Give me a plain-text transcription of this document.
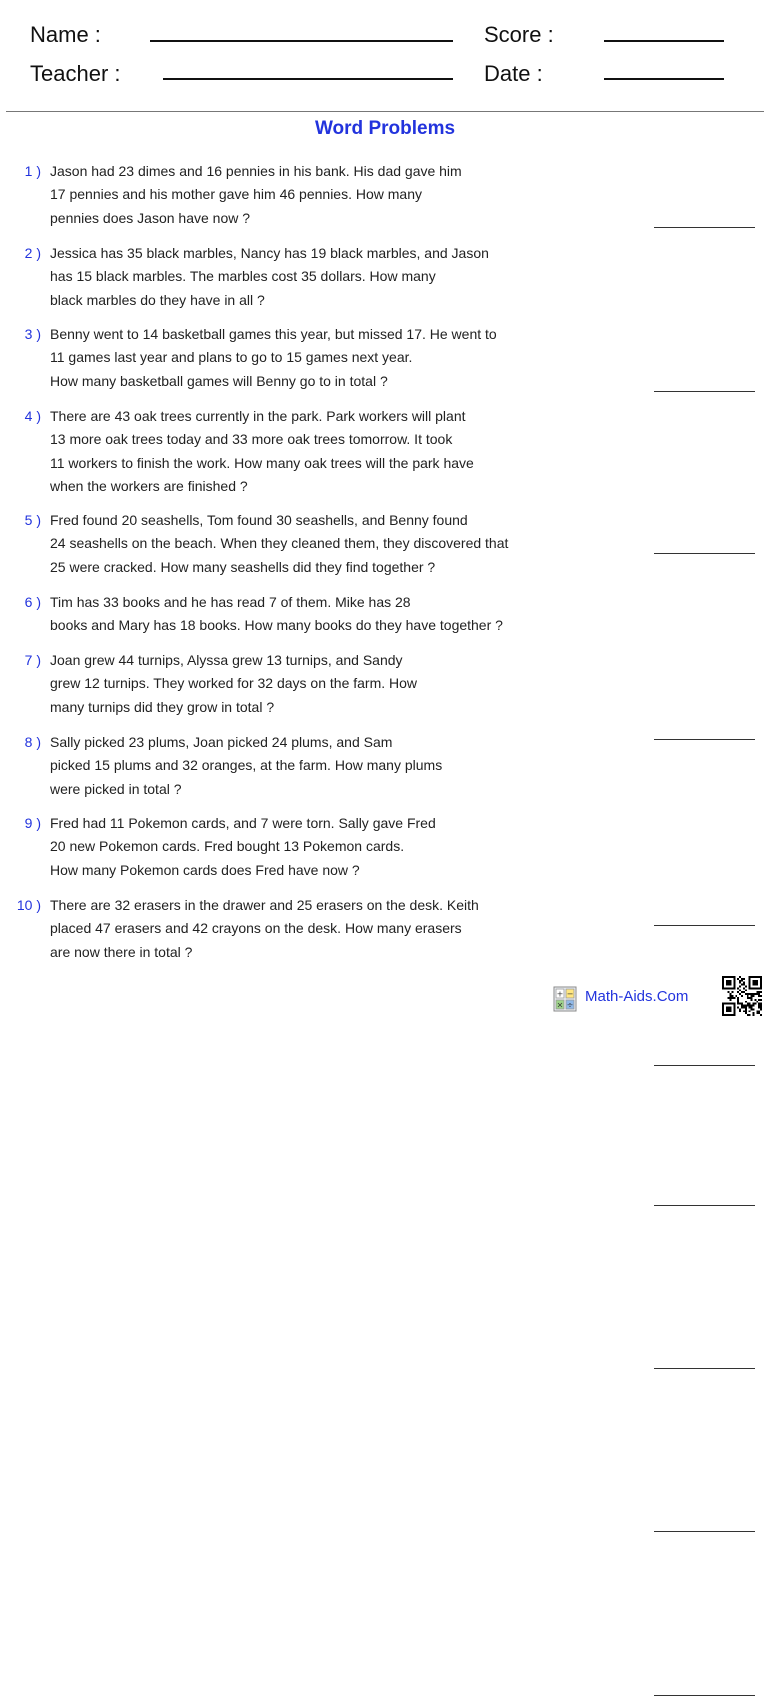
Name :
Teacher :
Score :
Date :
Word Problems
1 ) Jason had 23 dimes and 16 pennies in his bank. His dad gave him
17 pennies and his mother gave him 46 pennies. How many
pennies does Jason have now ?
2 ) Jessica has 35 black marbles, Nancy has 19 black marbles, and Jason
has 15 black marbles. The marbles cost 35 dollars. How many
black marbles do they have in all ?
3 ) Benny went to 14 basketball games this year, but missed 17. He went to
11 games last year and plans to go to 15 games next year.
How many basketball games will Benny go to in total ?
4 ) There are 43 oak trees currently in the park. Park workers will plant
13 more oak trees today and 33 more oak trees tomorrow. It took
11 workers to finish the work. How many oak trees will the park have
when the workers are finished ?
5 ) Fred found 20 seashells, Tom found 30 seashells, and Benny found
24 seashells on the beach. When they cleaned them, they discovered that
25 were cracked. How many seashells did they find together ?
6 ) Tim has 33 books and he has read 7 of them. Mike has 28
books and Mary has 18 books. How many books do they have together ?
7 ) Joan grew 44 turnips, Alyssa grew 13 turnips, and Sandy
grew 12 turnips. They worked for 32 days on the farm. How
many turnips did they grow in total ?
8 ) Sally picked 23 plums, Joan picked 24 plums, and Sam
picked 15 plums and 32 oranges, at the farm. How many plums
were picked in total ?
9 ) Fred had 11 Pokemon cards, and 7 were torn. Sally gave Fred
20 new Pokemon cards. Fred bought 13 Pokemon cards.
How many Pokemon cards does Fred have now ?
10 ) There are 32 erasers in the drawer and 25 erasers on the desk. Keith
placed 47 erasers and 42 crayons on the desk. How many erasers
are now there in total ?
+ −
× ÷ Math-Aids.Com
